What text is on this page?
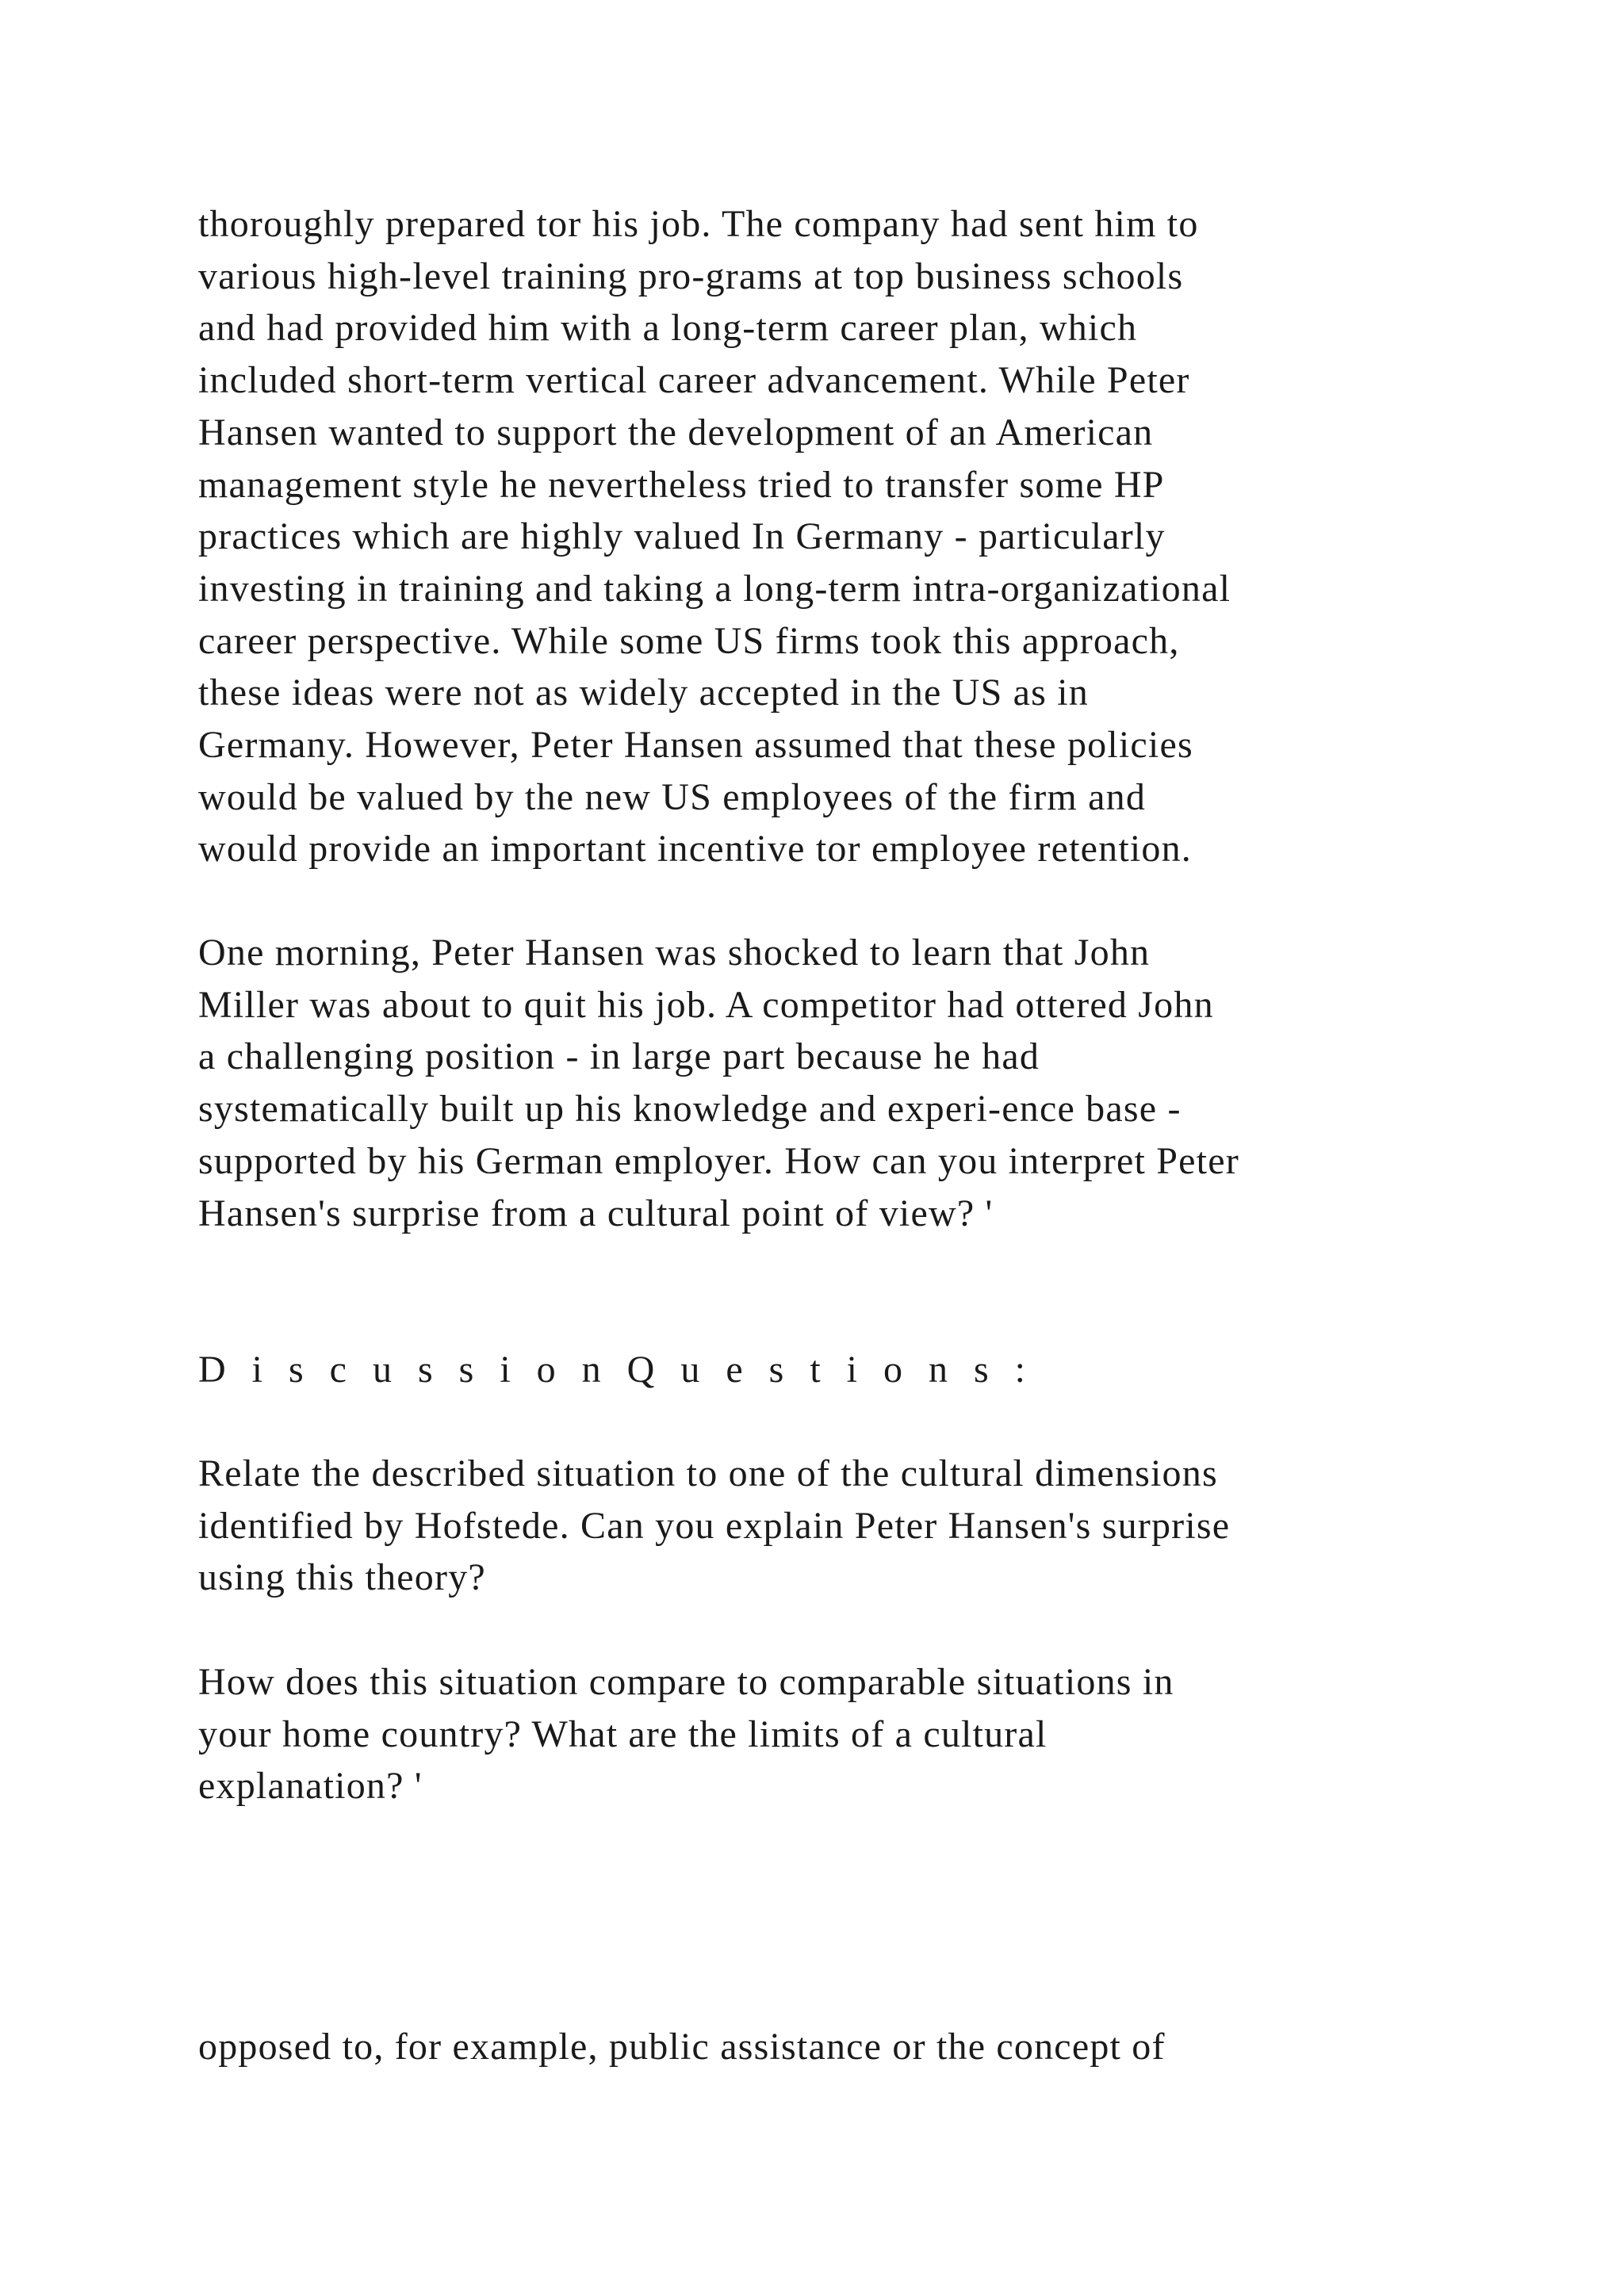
thoroughly prepared tor his job. The company had sent him to
various high-level training pro-grams at top business schools
and had provided him with a long-term career plan, which
included short-term vertical career advancement. While Peter
Hansen wanted to support the development of an American
management style he nevertheless tried to transfer some HP
practices which are highly valued In Germany - particularly
investing in training and taking a long-term intra-organizational
career perspective. While some US firms took this approach,
these ideas were not as widely accepted in the US as in
Germany. However, Peter Hansen assumed that these policies
would be valued by the new US employees of the firm and
would provide an important incentive tor employee retention.

One morning, Peter Hansen was shocked to learn that John
Miller was about to quit his job. A competitor had ottered John
a challenging position - in large part because he had
systematically built up his knowledge and experi-ence base -
supported by his German employer. How can you interpret Peter
Hansen's surprise from a cultural point of view? '

D i s c u s s i o n Q u e s t i o n s :

Relate the described situation to one of the cultural dimensions
identified by Hofstede. Can you explain Peter Hansen's surprise
using this theory?

How does this situation compare to comparable situations in
your home country? What are the limits of a cultural
explanation? '

opposed to, for example, public assistance or the concept of
